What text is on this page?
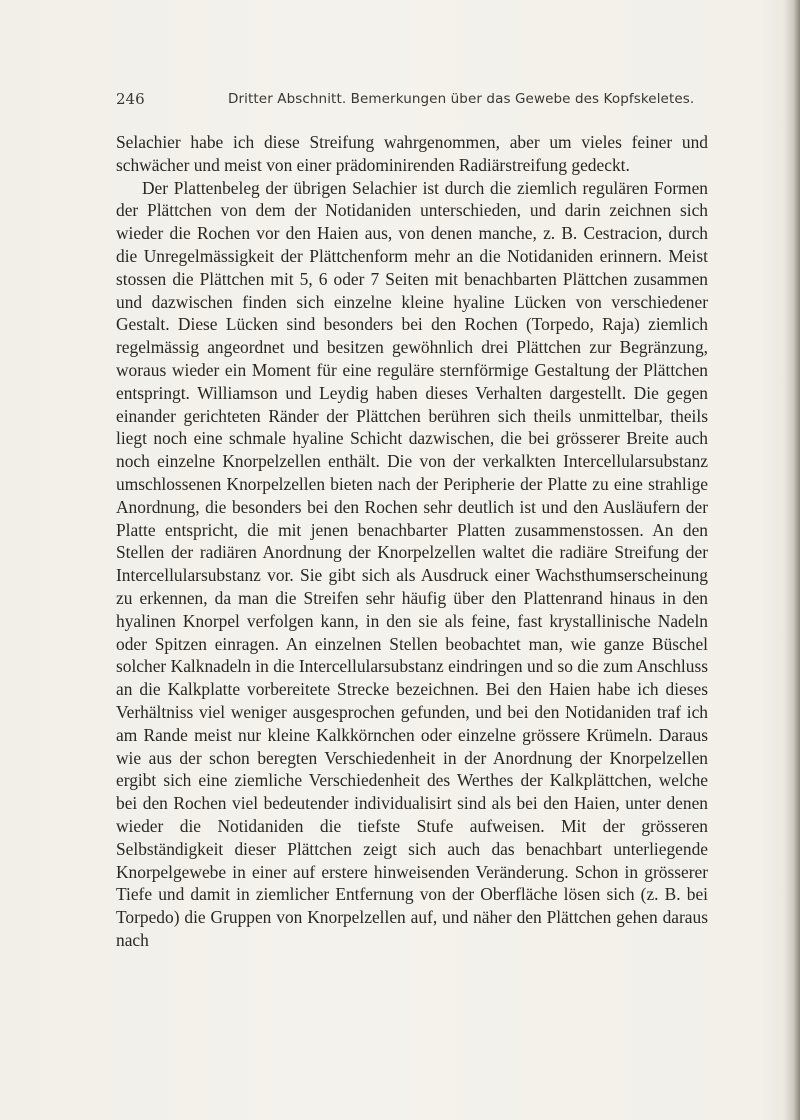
246	Dritter Abschnitt. Bemerkungen über das Gewebe des Kopfskeletes.

Selachier habe ich diese Streifung wahrgenommen, aber um vieles feiner und schwächer und meist von einer prädominirenden Radiärstreifung gedeckt.

Der Plattenbeleg der übrigen Selachier ist durch die ziemlich regulären Formen der Plättchen von dem der Notidaniden unterschieden, und darin zeichnen sich wieder die Rochen vor den Haien aus, von denen manche, z. B. Cestracion, durch die Unregelmässigkeit der Plättchenform mehr an die Notidaniden erinnern. Meist stossen die Plättchen mit 5, 6 oder 7 Seiten mit benachbarten Plättchen zusammen und dazwischen finden sich einzelne kleine hyaline Lücken von verschiedener Gestalt. Diese Lücken sind besonders bei den Rochen (Torpedo, Raja) ziemlich regelmässig angeordnet und besitzen gewöhnlich drei Plättchen zur Begränzung, woraus wieder ein Moment für eine reguläre sternförmige Gestaltung der Plättchen entspringt. Williamson und Leydig haben dieses Verhalten dargestellt. Die gegen einander gerichteten Ränder der Plättchen berühren sich theils unmittelbar, theils liegt noch eine schmale hyaline Schicht dazwischen, die bei grösserer Breite auch noch einzelne Knorpelzellen enthält. Die von der verkalkten Intercellularsubstanz umschlossenen Knorpelzellen bieten nach der Peripherie der Platte zu eine strahlige Anordnung, die besonders bei den Rochen sehr deutlich ist und den Ausläufern der Platte entspricht, die mit jenen benachbarter Platten zusammenstossen. An den Stellen der radiären Anordnung der Knorpelzellen waltet die radiäre Streifung der Intercellularsubstanz vor. Sie gibt sich als Ausdruck einer Wachsthumserscheinung zu erkennen, da man die Streifen sehr häufig über den Plattenrand hinaus in den hyalinen Knorpel verfolgen kann, in den sie als feine, fast krystallinische Nadeln oder Spitzen einragen. An einzelnen Stellen beobachtet man, wie ganze Büschel solcher Kalknadeln in die Intercellularsubstanz eindringen und so die zum Anschluss an die Kalkplatte vorbereitete Strecke bezeichnen. Bei den Haien habe ich dieses Verhältniss viel weniger ausgesprochen gefunden, und bei den Notidaniden traf ich am Rande meist nur kleine Kalkkörnchen oder einzelne grössere Krümeln. Daraus wie aus der schon beregten Verschiedenheit in der Anordnung der Knorpelzellen ergibt sich eine ziemliche Verschiedenheit des Werthes der Kalkplättchen, welche bei den Rochen viel bedeutender individualisirt sind als bei den Haien, unter denen wieder die Notidaniden die tiefste Stufe aufweisen. Mit der grösseren Selbständigkeit dieser Plättchen zeigt sich auch das benachbart unterliegende Knorpelgewebe in einer auf erstere hinweisenden Veränderung. Schon in grösserer Tiefe und damit in ziemlicher Entfernung von der Oberfläche lösen sich (z. B. bei Torpedo) die Gruppen von Knorpelzellen auf, und näher den Plättchen gehen daraus nach
